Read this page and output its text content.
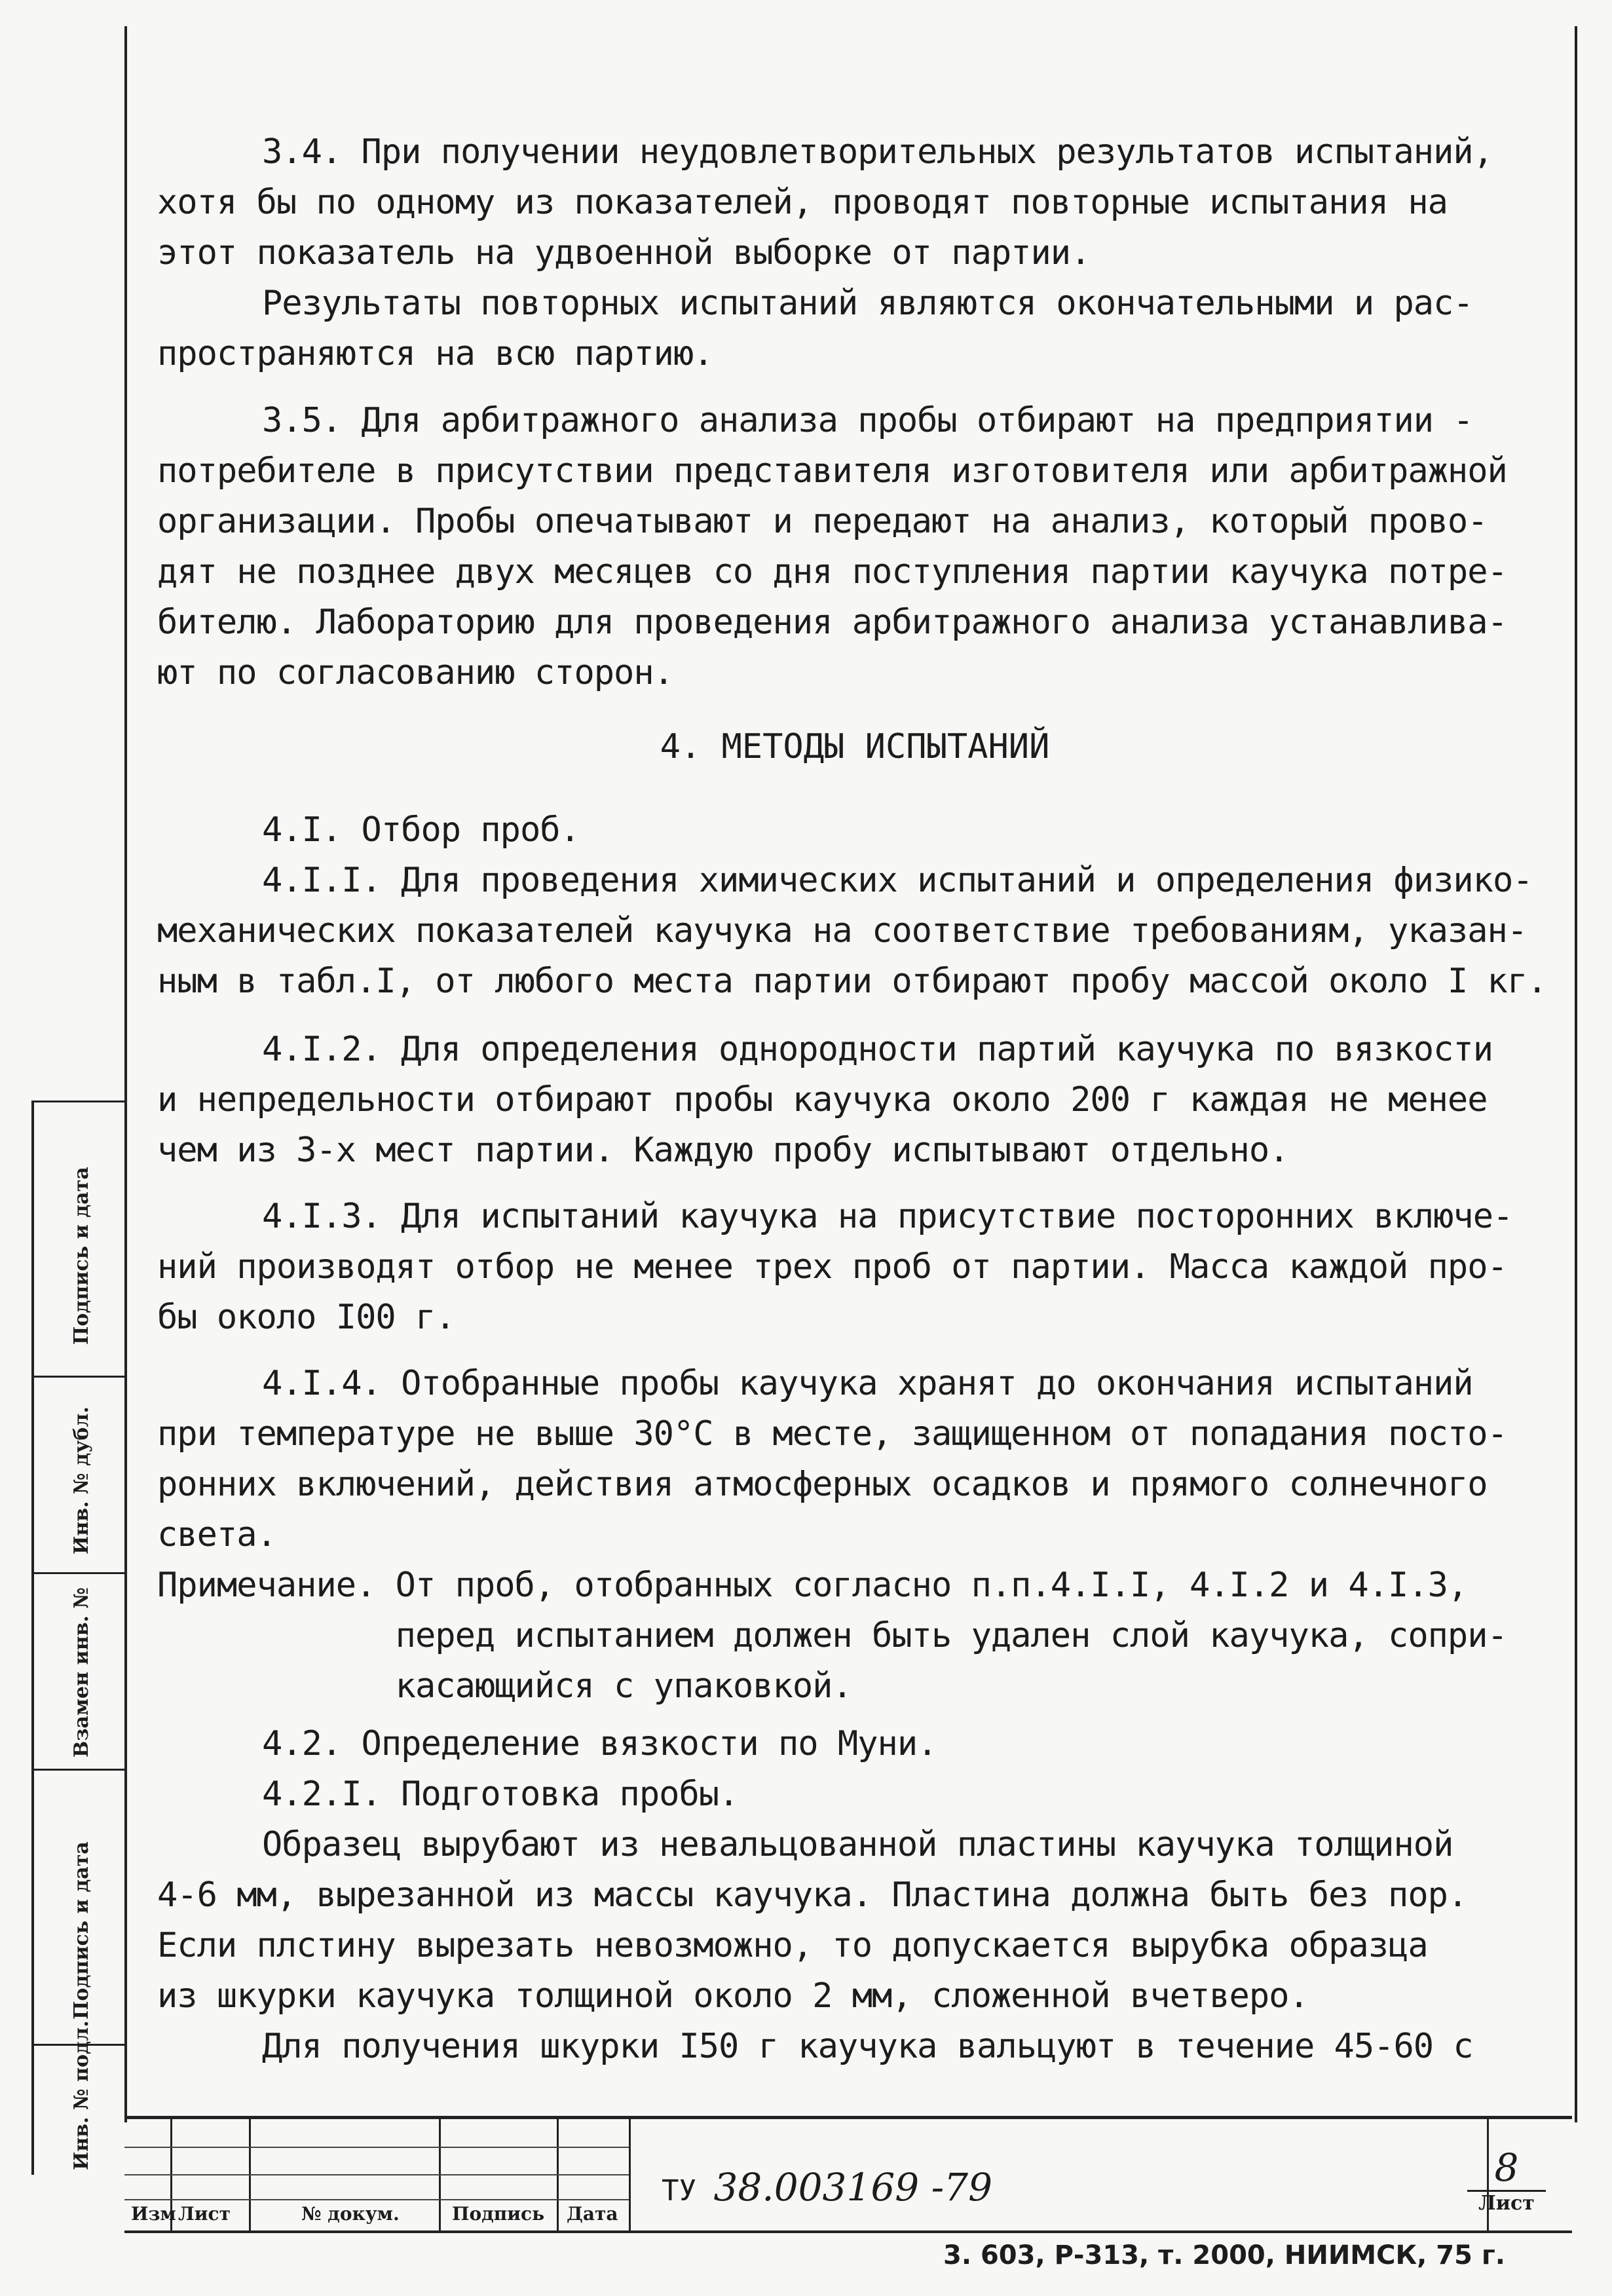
3.4. При получении неудовлетворительных результатов испытаний,
хотя бы по одному из показателей, проводят повторные испытания на
этот показатель на удвоенной выборке от партии.
Результаты повторных испытаний являются окончательными и рас-
пространяются на всю партию.
3.5. Для арбитражного анализа пробы отбирают на предприятии -
потребителе в присутствии представителя изготовителя или арбитражной
организации. Пробы опечатывают и передают на анализ, который прово-
дят не позднее двух месяцев со дня поступления партии каучука потре-
бителю. Лабораторию для проведения арбитражного анализа устанавлива-
ют по согласованию сторон.
4. МЕТОДЫ ИСПЫТАНИЙ
4.I. Отбор проб.
4.I.I. Для проведения химических испытаний и определения физико-
механических показателей каучука на соответствие требованиям, указан-
ным в табл.I, от любого места партии отбирают пробу массой около I кг.
4.I.2. Для определения однородности партий каучука по вязкости
и непредельности отбирают пробы каучука около 200 г каждая не менее
чем из 3-х мест партии. Каждую пробу испытывают отдельно.
4.I.3. Для испытаний каучука на присутствие посторонних включе-
ний производят отбор не менее трех проб от партии. Масса каждой про-
бы около I00 г.
4.I.4. Отобранные пробы каучука хранят до окончания испытаний
при температуре не выше 30°С в месте, защищенном от попадания посто-
ронних включений, действия атмосферных осадков и прямого солнечного
света.
Примечание. От проб, отобранных согласно п.п.4.I.I, 4.I.2 и 4.I.3,
перед испытанием должен быть удален слой каучука, сопри-
касающийся с упаковкой.
4.2. Определение вязкости по Муни.
4.2.I. Подготовка пробы.
Образец вырубают из невальцованной пластины каучука толщиной
4-6 мм, вырезанной из массы каучука. Пластина должна быть без пор.
Если плстину вырезать невозможно, то допускается вырубка образца
из шкурки каучука толщиной около 2 мм, сложенной вчетверо.
Для получения шкурки I50 г каучука вальцуют в течение 45-60 с
Подпись и дата
Инв. № дубл.
Взамен инв. №
Подпись и дата
Инв. № подл.
Изм Лист	№ докум.	Подпись Дата
ТУ 38.003169 -79	8
Лист
3. 603, Р-313, т. 2000, НИИМСК, 75 г.
